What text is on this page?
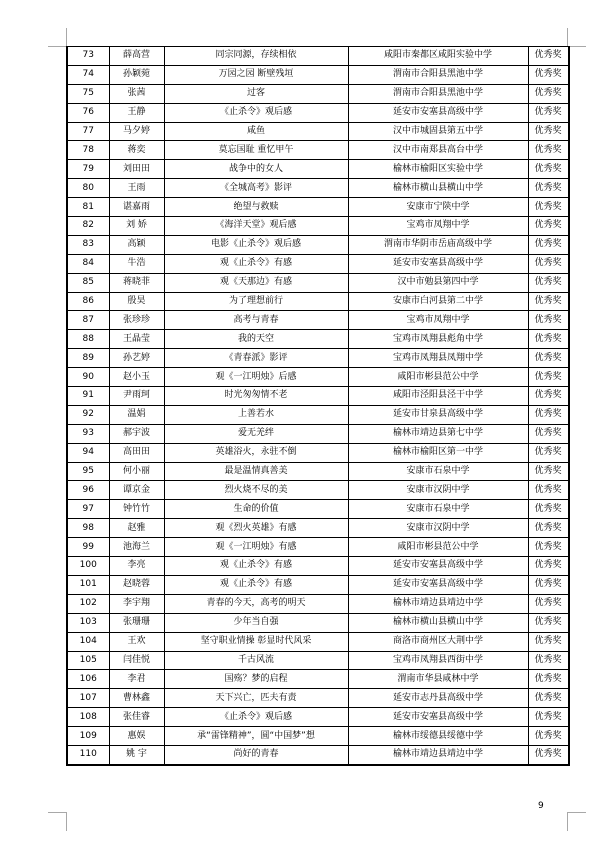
73	薛高营	同宗同源，存续相依	咸阳市秦都区咸阳实验中学	优秀奖
74	孙颖菀	万园之园 断壁残垣	渭南市合阳县黑池中学	优秀奖
75	张茜	过客	渭南市合阳县黑池中学	优秀奖
76	王静	《止杀令》观后感	延安市安塞县高级中学	优秀奖
77	马夕婷	咸鱼	汉中市城固县第五中学	优秀奖
78	蒋奕	莫忘国耻 重忆甲午	汉中市南郑县高台中学	优秀奖
79	刘田田	战争中的女人	榆林市榆阳区实验中学	优秀奖
80	王雨	《全城高考》影评	榆林市横山县横山中学	优秀奖
81	谌嘉雨	绝望与救赎	安康市宁陕中学	优秀奖
82	刘 娇	《海洋天堂》观后感	宝鸡市凤翔中学	优秀奖
83	高颖	电影《止杀令》观后感	渭南市华阴市岳庙高级中学	优秀奖
84	牛浩	观《止杀令》有感	延安市安塞县高级中学	优秀奖
85	蒋晓菲	观《天那边》有感	汉中市勉县第四中学	优秀奖
86	殷昊	为了理想前行	安康市白河县第二中学	优秀奖
87	张珍珍	高考与青春	宝鸡市凤翔中学	优秀奖
88	王晶莹	我的天空	宝鸡市凤翔县彪角中学	优秀奖
89	孙艺婷	《青春派》影评	宝鸡市凤翔县凤翔中学	优秀奖
90	赵小玉	观《一江明烛》后感	咸阳市彬县范公中学	优秀奖
91	尹雨珂	时光匆匆情不老	咸阳市泾阳县泾干中学	优秀奖
92	温娟	上善若水	延安市甘泉县高级中学	优秀奖
93	郝宇波	爱无羌绊	榆林市靖边县第七中学	优秀奖
94	高田田	英雄浴火，永驻不倒	榆林市榆阳区第一中学	优秀奖
95	何小丽	最是温情真善美	安康市石泉中学	优秀奖
96	谭京金	烈火烧不尽的美	安康市汉阴中学	优秀奖
97	钟竹竹	生命的价值	安康市石泉中学	优秀奖
98	赵雅	观《烈火英雄》有感	安康市汉阴中学	优秀奖
99	池海兰	观《一江明烛》有感	咸阳市彬县范公中学	优秀奖
100	李亮	观《止杀令》有感	延安市安塞县高级中学	优秀奖
101	赵晓蓉	观《止杀令》有感	延安市安塞县高级中学	优秀奖
102	李宇翔	青春的今天，高考的明天	榆林市靖边县靖边中学	优秀奖
103	张珊珊	少年当自强	榆林市横山县横山中学	优秀奖
104	王欢	坚守职业情操 彰显时代风采	商洛市商州区大荆中学	优秀奖
105	闫佳悦	千古风流	宝鸡市凤翔县西街中学	优秀奖
106	李君	国殇？梦的启程	渭南市华县咸林中学	优秀奖
107	曹林鑫	天下兴亡，匹夫有责	延安市志丹县高级中学	优秀奖
108	张佳睿	《止杀令》观后感	延安市安塞县高级中学	优秀奖
109	惠娱	承“雷锋精神”，圆“中国梦”想	榆林市绥德县绥德中学	优秀奖
110	姚 宇	尚好的青春	榆林市靖边县靖边中学	优秀奖
9
